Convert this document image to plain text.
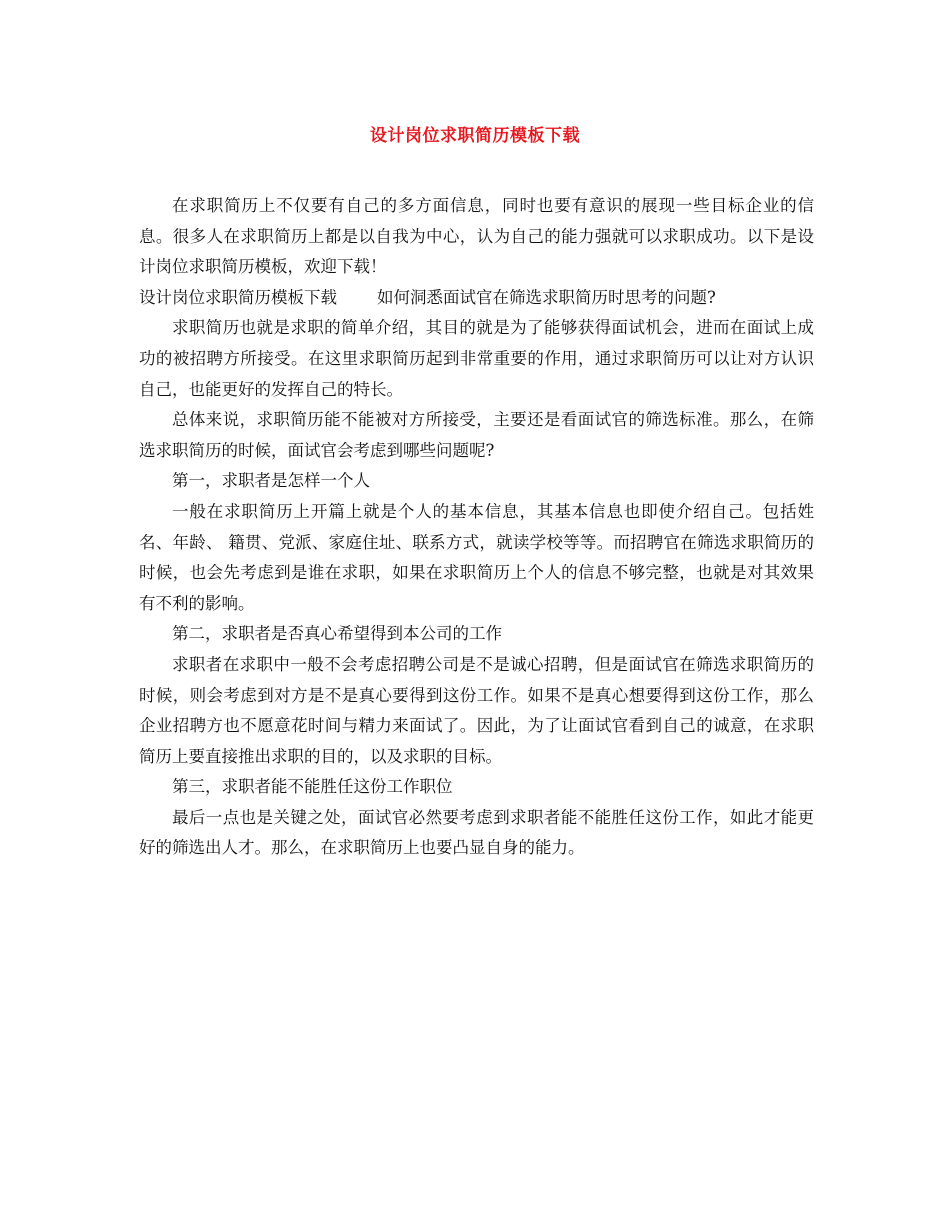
设计岗位求职简历模板下载

在求职简历上不仅要有自己的多方面信息，同时也要有意识的展现一些目标企业的信息。很多人在求职简历上都是以自我为中心，认为自己的能力强就可以求职成功。以下是设计岗位求职简历模板，欢迎下载！

设计岗位求职简历模板下载 如何洞悉面试官在筛选求职简历时思考的问题?

求职简历也就是求职的简单介绍，其目的就是为了能够获得面试机会，进而在面试上成功的被招聘方所接受。在这里求职简历起到非常重要的作用，通过求职简历可以让对方认识自己，也能更好的发挥自己的特长。

总体来说，求职简历能不能被对方所接受，主要还是看面试官的筛选标准。那么，在筛选求职简历的时候，面试官会考虑到哪些问题呢?

第一，求职者是怎样一个人

一般在求职简历上开篇上就是个人的基本信息，其基本信息也即使介绍自己。包括姓名、年龄、 籍贯、党派、家庭住址、联系方式，就读学校等等。而招聘官在筛选求职简历的时候，也会先考虑到是谁在求职，如果在求职简历上个人的信息不够完整，也就是对其效果有不利的影响。

第二，求职者是否真心希望得到本公司的工作

求职者在求职中一般不会考虑招聘公司是不是诚心招聘，但是面试官在筛选求职简历的时候，则会考虑到对方是不是真心要得到这份工作。如果不是真心想要得到这份工作，那么企业招聘方也不愿意花时间与精力来面试了。因此，为了让面试官看到自己的诚意，在求职简历上要直接推出求职的目的，以及求职的目标。

第三，求职者能不能胜任这份工作职位

最后一点也是关键之处，面试官必然要考虑到求职者能不能胜任这份工作，如此才能更好的筛选出人才。那么，在求职简历上也要凸显自身的能力。
